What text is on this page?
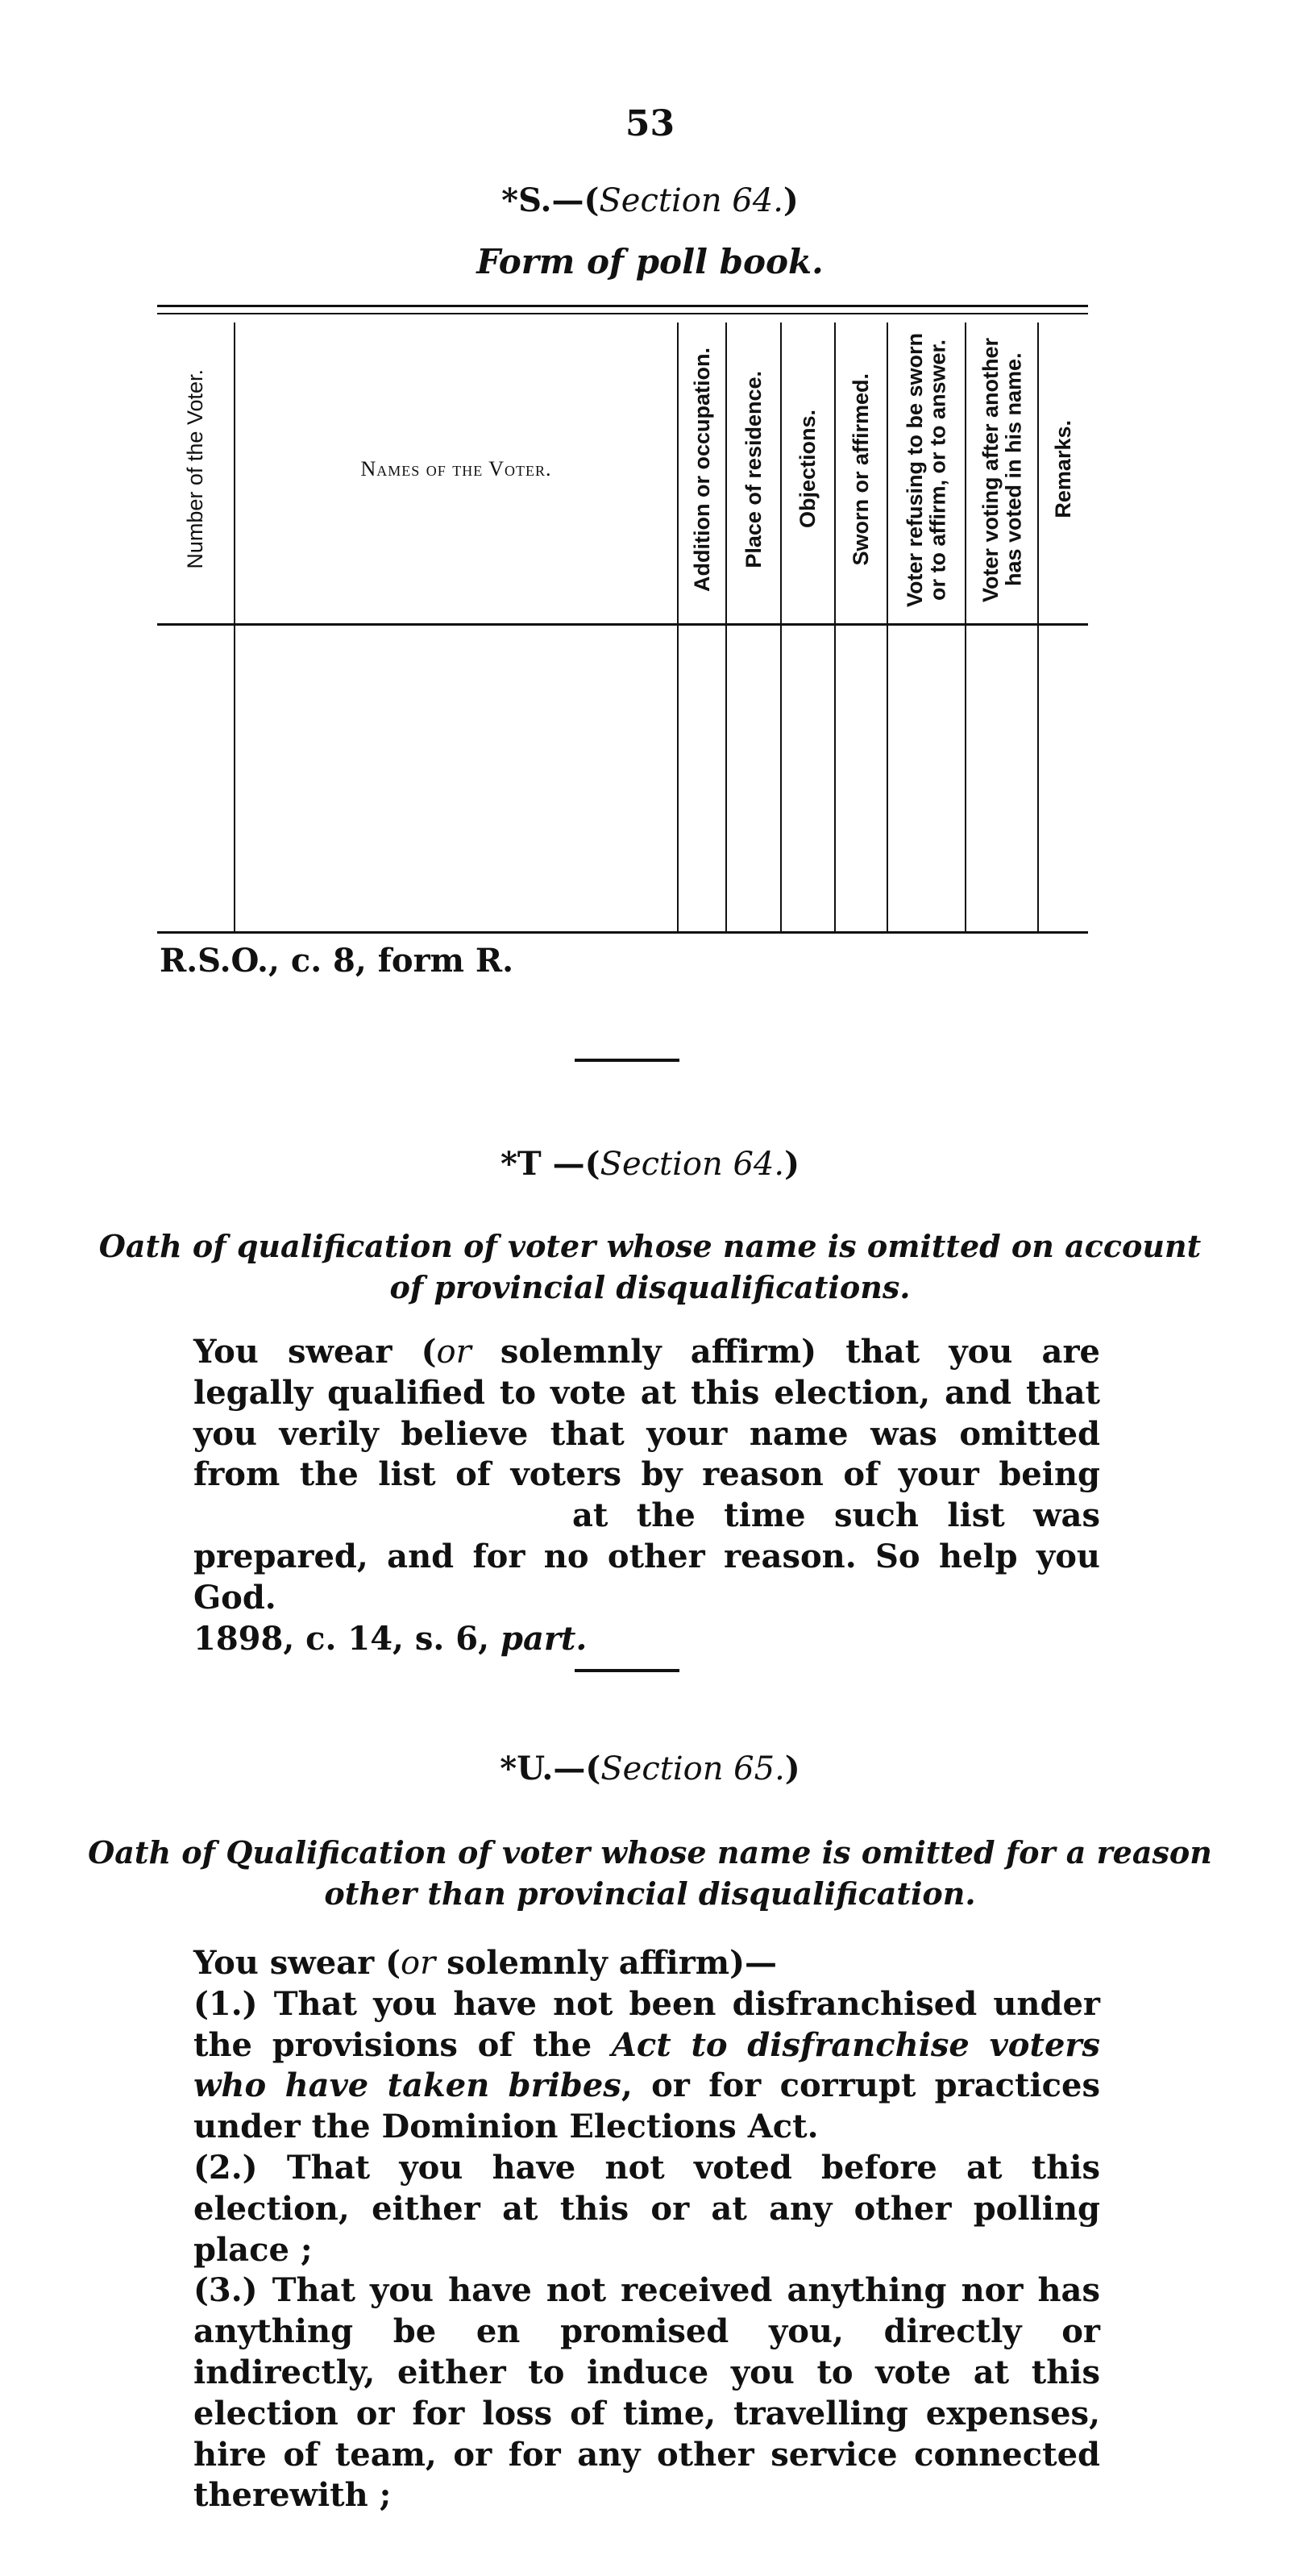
53
*S.—(Section 64.)
Form of poll book.
Number of the Voter.	Names of the Voter.	Addition or occupation. Place of residence. Objections. Sworn or affirmed. Voter refusing to be sworn or to affirm, or to answer. Voter voting after another has voted in his name. Remarks.
R.S.O., c. 8, form R.
*T —(Section 64.)
Oath of qualification of voter whose name is omitted on account
of provincial disqualifications.

You swear (or solemnly affirm) that you are legally qualified to vote at this election, and that you verily believe that your name was omitted from the list of voters by reason of your beingat the time such list was prepared, and for no other reason. So help you God.

1898, c. 14, s. 6, part.

*U.—(Section 65.)
Oath of Qualification of voter whose name is omitted for a reason
other than provincial disqualification.

You swear (or solemnly affirm)—

(1.) That you have not been disfranchised under the provisions of the Act to disfranchise voters who have taken bribes, or for corrupt practices under the Dominion Elections Act.

(2.) That you have not voted before at this election, either at this or at any other polling place ;

(3.) That you have not received anything nor has anything be en promised you, directly or indirectly, either to induce you to vote at this election or for loss of time, travelling expenses, hire of team, or for any other service connected therewith ;
